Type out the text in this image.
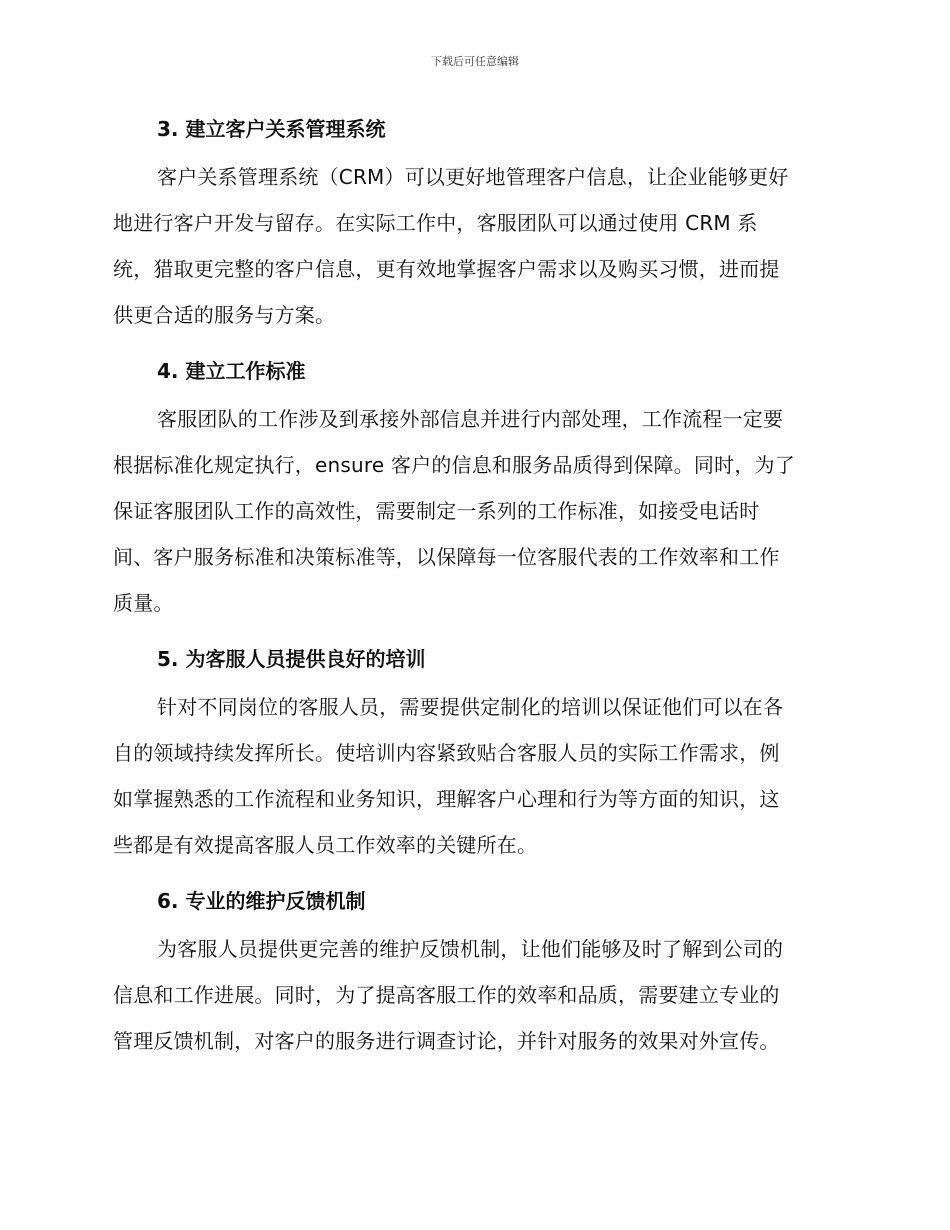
下载后可任意编辑
3. 建立客户关系管理系统

客户关系管理系统（CRM）可以更好地管理客户信息，让企业能够更好
地进行客户开发与留存。在实际工作中，客服团队可以通过使用 CRM 系
统，猎取更完整的客户信息，更有效地掌握客户需求以及购买习惯，进而提
供更合适的服务与方案。

4. 建立工作标准

客服团队的工作涉及到承接外部信息并进行内部处理，工作流程一定要
根据标准化规定执行，ensure 客户的信息和服务品质得到保障。同时，为了
保证客服团队工作的高效性，需要制定一系列的工作标准，如接受电话时
间、客户服务标准和决策标准等，以保障每一位客服代表的工作效率和工作
质量。

5. 为客服人员提供良好的培训

针对不同岗位的客服人员，需要提供定制化的培训以保证他们可以在各
自的领域持续发挥所长。使培训内容紧致贴合客服人员的实际工作需求，例
如掌握熟悉的工作流程和业务知识，理解客户心理和行为等方面的知识，这
些都是有效提高客服人员工作效率的关键所在。

6. 专业的维护反馈机制

为客服人员提供更完善的维护反馈机制，让他们能够及时了解到公司的
信息和工作进展。同时，为了提高客服工作的效率和品质，需要建立专业的
管理反馈机制，对客户的服务进行调查讨论，并针对服务的效果对外宣传。
